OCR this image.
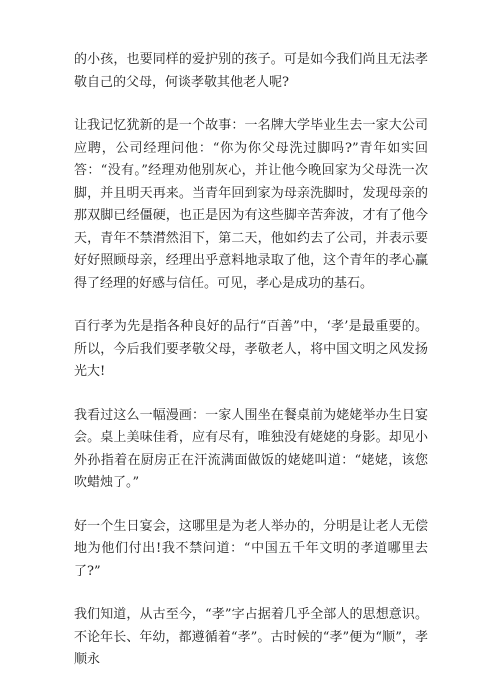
的小孩，也要同样的爱护别的孩子。可是如今我们尚且无法孝敬自己的父母，何谈孝敬其他老人呢?

让我记忆犹新的是一个故事：一名牌大学毕业生去一家大公司应聘，公司经理问他：“你为你父母洗过脚吗?”青年如实回答：“没有。”经理劝他别灰心，并让他今晚回家为父母洗一次脚，并且明天再来。当青年回到家为母亲洗脚时，发现母亲的那双脚已经僵硬，也正是因为有这些脚辛苦奔波，才有了他今天，青年不禁潸然泪下，第二天，他如约去了公司，并表示要好好照顾母亲，经理出乎意料地录取了他，这个青年的孝心赢得了经理的好感与信任。可见，孝心是成功的基石。

百行孝为先是指各种良好的品行“百善”中，‘孝’是最重要的。所以，今后我们要孝敬父母，孝敬老人，将中国文明之风发扬光大!

我看过这么一幅漫画：一家人围坐在餐桌前为姥姥举办生日宴会。桌上美味佳肴，应有尽有，唯独没有姥姥的身影。却见小外孙指着在厨房正在汗流满面做饭的姥姥叫道：“姥姥，该您吹蜡烛了。”

好一个生日宴会，这哪里是为老人举办的，分明是让老人无偿地为他们付出!我不禁问道：“中国五千年文明的孝道哪里去了?”

我们知道，从古至今，“孝”字占据着几乎全部人的思想意识。不论年长、年幼，都遵循着“孝”。古时候的“孝”便为“顺”，孝顺永
